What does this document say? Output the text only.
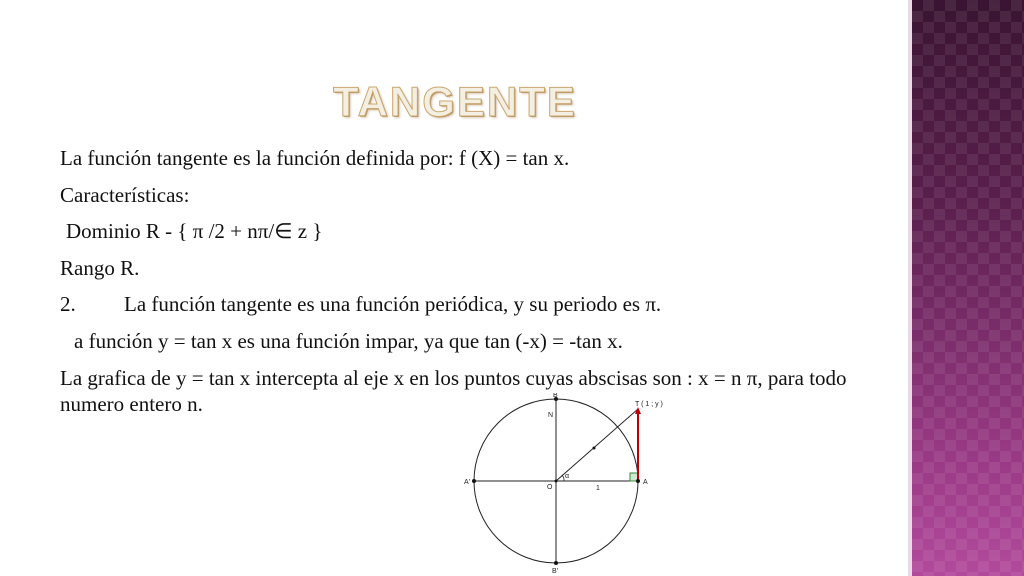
TANGENTE
La función tangente es la función definida por: f (X) = tan x.
Características:
Dominio R - { π /2 + nπ/∈ z }
Rango R.
2. La función tangente es una función periódica, y su periodo es π.
a función y = tan x es una función impar, ya que tan (-x) = -tan x.
La grafica de y = tan x intercepta al eje x en los puntos cuyas abscisas son : x = n π, para todo numero entero n.	B
N
T ( 1 ; y )
α
A'
O	1
A
B'
